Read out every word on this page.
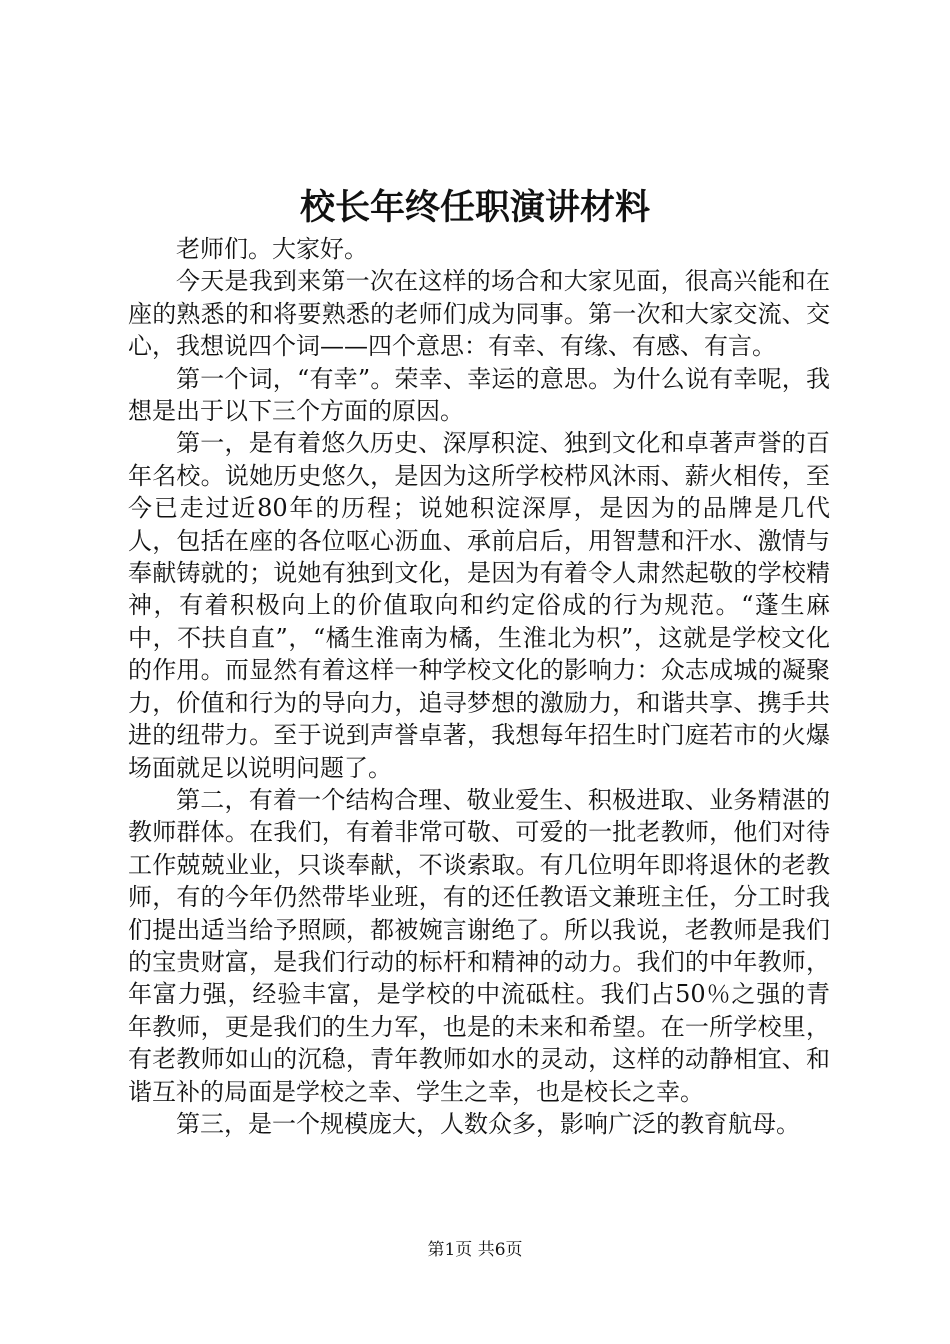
校长年终任职演讲材料

老师们。大家好。

今天是我到来第一次在这样的场合和大家见面，很高兴能和在座的熟悉的和将要熟悉的老师们成为同事。第一次和大家交流、交心，我想说四个词——四个意思：有幸、有缘、有感、有言。

第一个词，“有幸”。荣幸、幸运的意思。为什么说有幸呢，我想是出于以下三个方面的原因。

第一，是有着悠久历史、深厚积淀、独到文化和卓著声誉的百年名校。说她历史悠久，是因为这所学校栉风沐雨、薪火相传，至今已走过近80年的历程；说她积淀深厚，是因为的品牌是几代人，包括在座的各位呕心沥血、承前启后，用智慧和汗水、激情与奉献铸就的；说她有独到文化，是因为有着令人肃然起敬的学校精神，有着积极向上的价值取向和约定俗成的行为规范。“蓬生麻中，不扶自直”，“橘生淮南为橘，生淮北为枳”，这就是学校文化的作用。而显然有着这样一种学校文化的影响力：众志成城的凝聚力，价值和行为的导向力，追寻梦想的激励力，和谐共享、携手共进的纽带力。至于说到声誉卓著，我想每年招生时门庭若市的火爆场面就足以说明问题了。

第二，有着一个结构合理、敬业爱生、积极进取、业务精湛的教师群体。在我们，有着非常可敬、可爱的一批老教师，他们对待工作兢兢业业，只谈奉献，不谈索取。有几位明年即将退休的老教师，有的今年仍然带毕业班，有的还任教语文兼班主任，分工时我们提出适当给予照顾，都被婉言谢绝了。所以我说，老教师是我们的宝贵财富，是我们行动的标杆和精神的动力。我们的中年教师，年富力强，经验丰富，是学校的中流砥柱。我们占50％之强的青年教师，更是我们的生力军，也是的未来和希望。在一所学校里，有老教师如山的沉稳，青年教师如水的灵动，这样的动静相宜、和谐互补的局面是学校之幸、学生之幸，也是校长之幸。

第三，是一个规模庞大，人数众多，影响广泛的教育航母。

第1页 共6页
